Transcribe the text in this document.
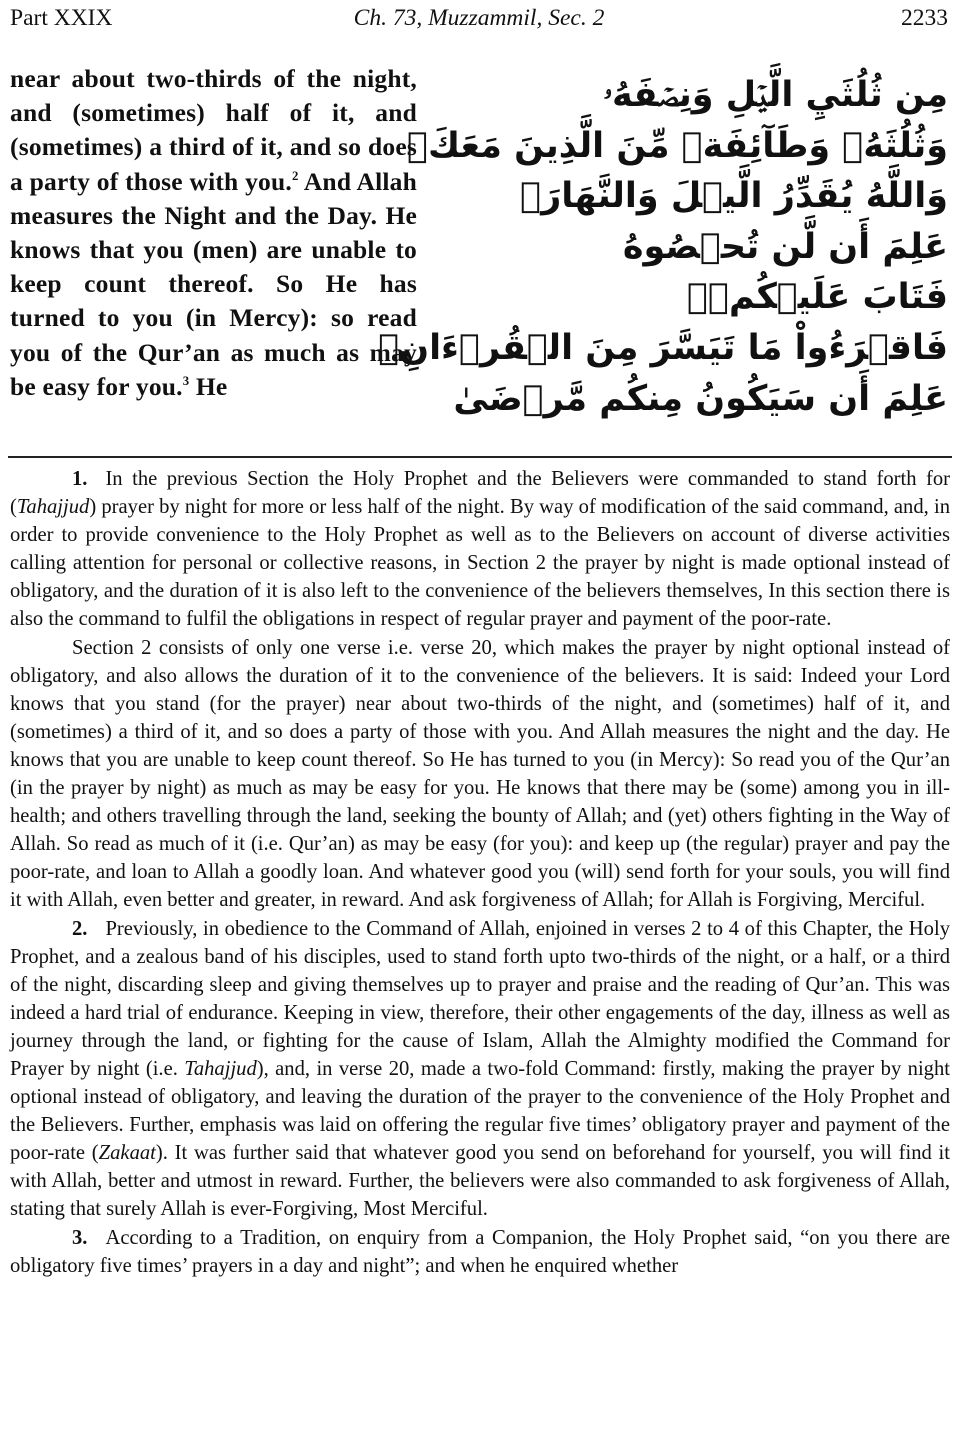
Part XXIX	Ch. 73, Muzzammil, Sec. 2	2233
near about two-thirds of the night, and (sometimes) half of it, and (sometimes) a third of it, and so does a party of those with you.$^2$ And Allah measures the Night and the Day. He knows that you (men) are unable to keep count thereof. So He has turned to you (in Mercy): so read you of the Qur’an as much as may be easy for you.$^3$ He
مِن ثُلُثَيِ الَّيۡلِ وَنِصۡفَهُۥ
وَثُلُثَهُۥ وَطَآئِفَةٞ مِّنَ الَّذِينَ مَعَكَۚ
وَاللَّهُ يُقَدِّرُ الَّيۡلَ وَالنَّهَارَۚ
عَلِمَ أَن لَّن تُحۡصُوهُ
فَتَابَ عَلَيۡكُمۡۖ
فَاقۡرَءُواْ مَا تَيَسَّرَ مِنَ الۡقُرۡءَانِۚ
عَلِمَ أَن سَيَكُونُ مِنكُم مَّرۡضَىٰ

1. In the previous Section the Holy Prophet and the Believers were commanded to stand forth for (Tahajjud) prayer by night for more or less half of the night. By way of modification of the said command, and, in order to provide convenience to the Holy Prophet as well as to the Believers on account of diverse activities calling attention for personal or collective reasons, in Section 2 the prayer by night is made optional instead of obligatory, and the duration of it is also left to the convenience of the believers themselves, In this section there is also the command to fulfil the obligations in respect of regular prayer and payment of the poor-rate.

Section 2 consists of only one verse i.e. verse 20, which makes the prayer by night optional instead of obligatory, and also allows the duration of it to the convenience of the believers. It is said: Indeed your Lord knows that you stand (for the prayer) near about two-thirds of the night, and (sometimes) half of it, and (sometimes) a third of it, and so does a party of those with you. And Allah measures the night and the day. He knows that you are unable to keep count thereof. So He has turned to you (in Mercy): So read you of the Qur’an (in the prayer by night) as much as may be easy for you. He knows that there may be (some) among you in ill-health; and others travelling through the land, seeking the bounty of Allah; and (yet) others fighting in the Way of Allah. So read as much of it (i.e. Qur’an) as may be easy (for you): and keep up (the regular) prayer and pay the poor-rate, and loan to Allah a goodly loan. And whatever good you (will) send forth for your souls, you will find it with Allah, even better and greater, in reward. And ask forgiveness of Allah; for Allah is Forgiving, Merciful.

2. Previously, in obedience to the Command of Allah, enjoined in verses 2 to 4 of this Chapter, the Holy Prophet, and a zealous band of his disciples, used to stand forth upto two-thirds of the night, or a half, or a third of the night, discarding sleep and giving themselves up to prayer and praise and the reading of Qur’an. This was indeed a hard trial of endurance. Keeping in view, therefore, their other engagements of the day, illness as well as journey through the land, or fighting for the cause of Islam, Allah the Almighty modified the Command for Prayer by night (i.e. Tahajjud), and, in verse 20, made a two-fold Command: firstly, making the prayer by night optional instead of obligatory, and leaving the duration of the prayer to the convenience of the Holy Prophet and the Believers. Further, emphasis was laid on offering the regular five times’ obligatory prayer and payment of the poor-rate (Zakaat). It was further said that whatever good you send on beforehand for yourself, you will find it with Allah, better and utmost in reward. Further, the believers were also commanded to ask forgiveness of Allah, stating that surely Allah is ever-Forgiving, Most Merciful.

3. According to a Tradition, on enquiry from a Companion, the Holy Prophet said, “on you there are obligatory five times’ prayers in a day and night”; and when he enquired whether
